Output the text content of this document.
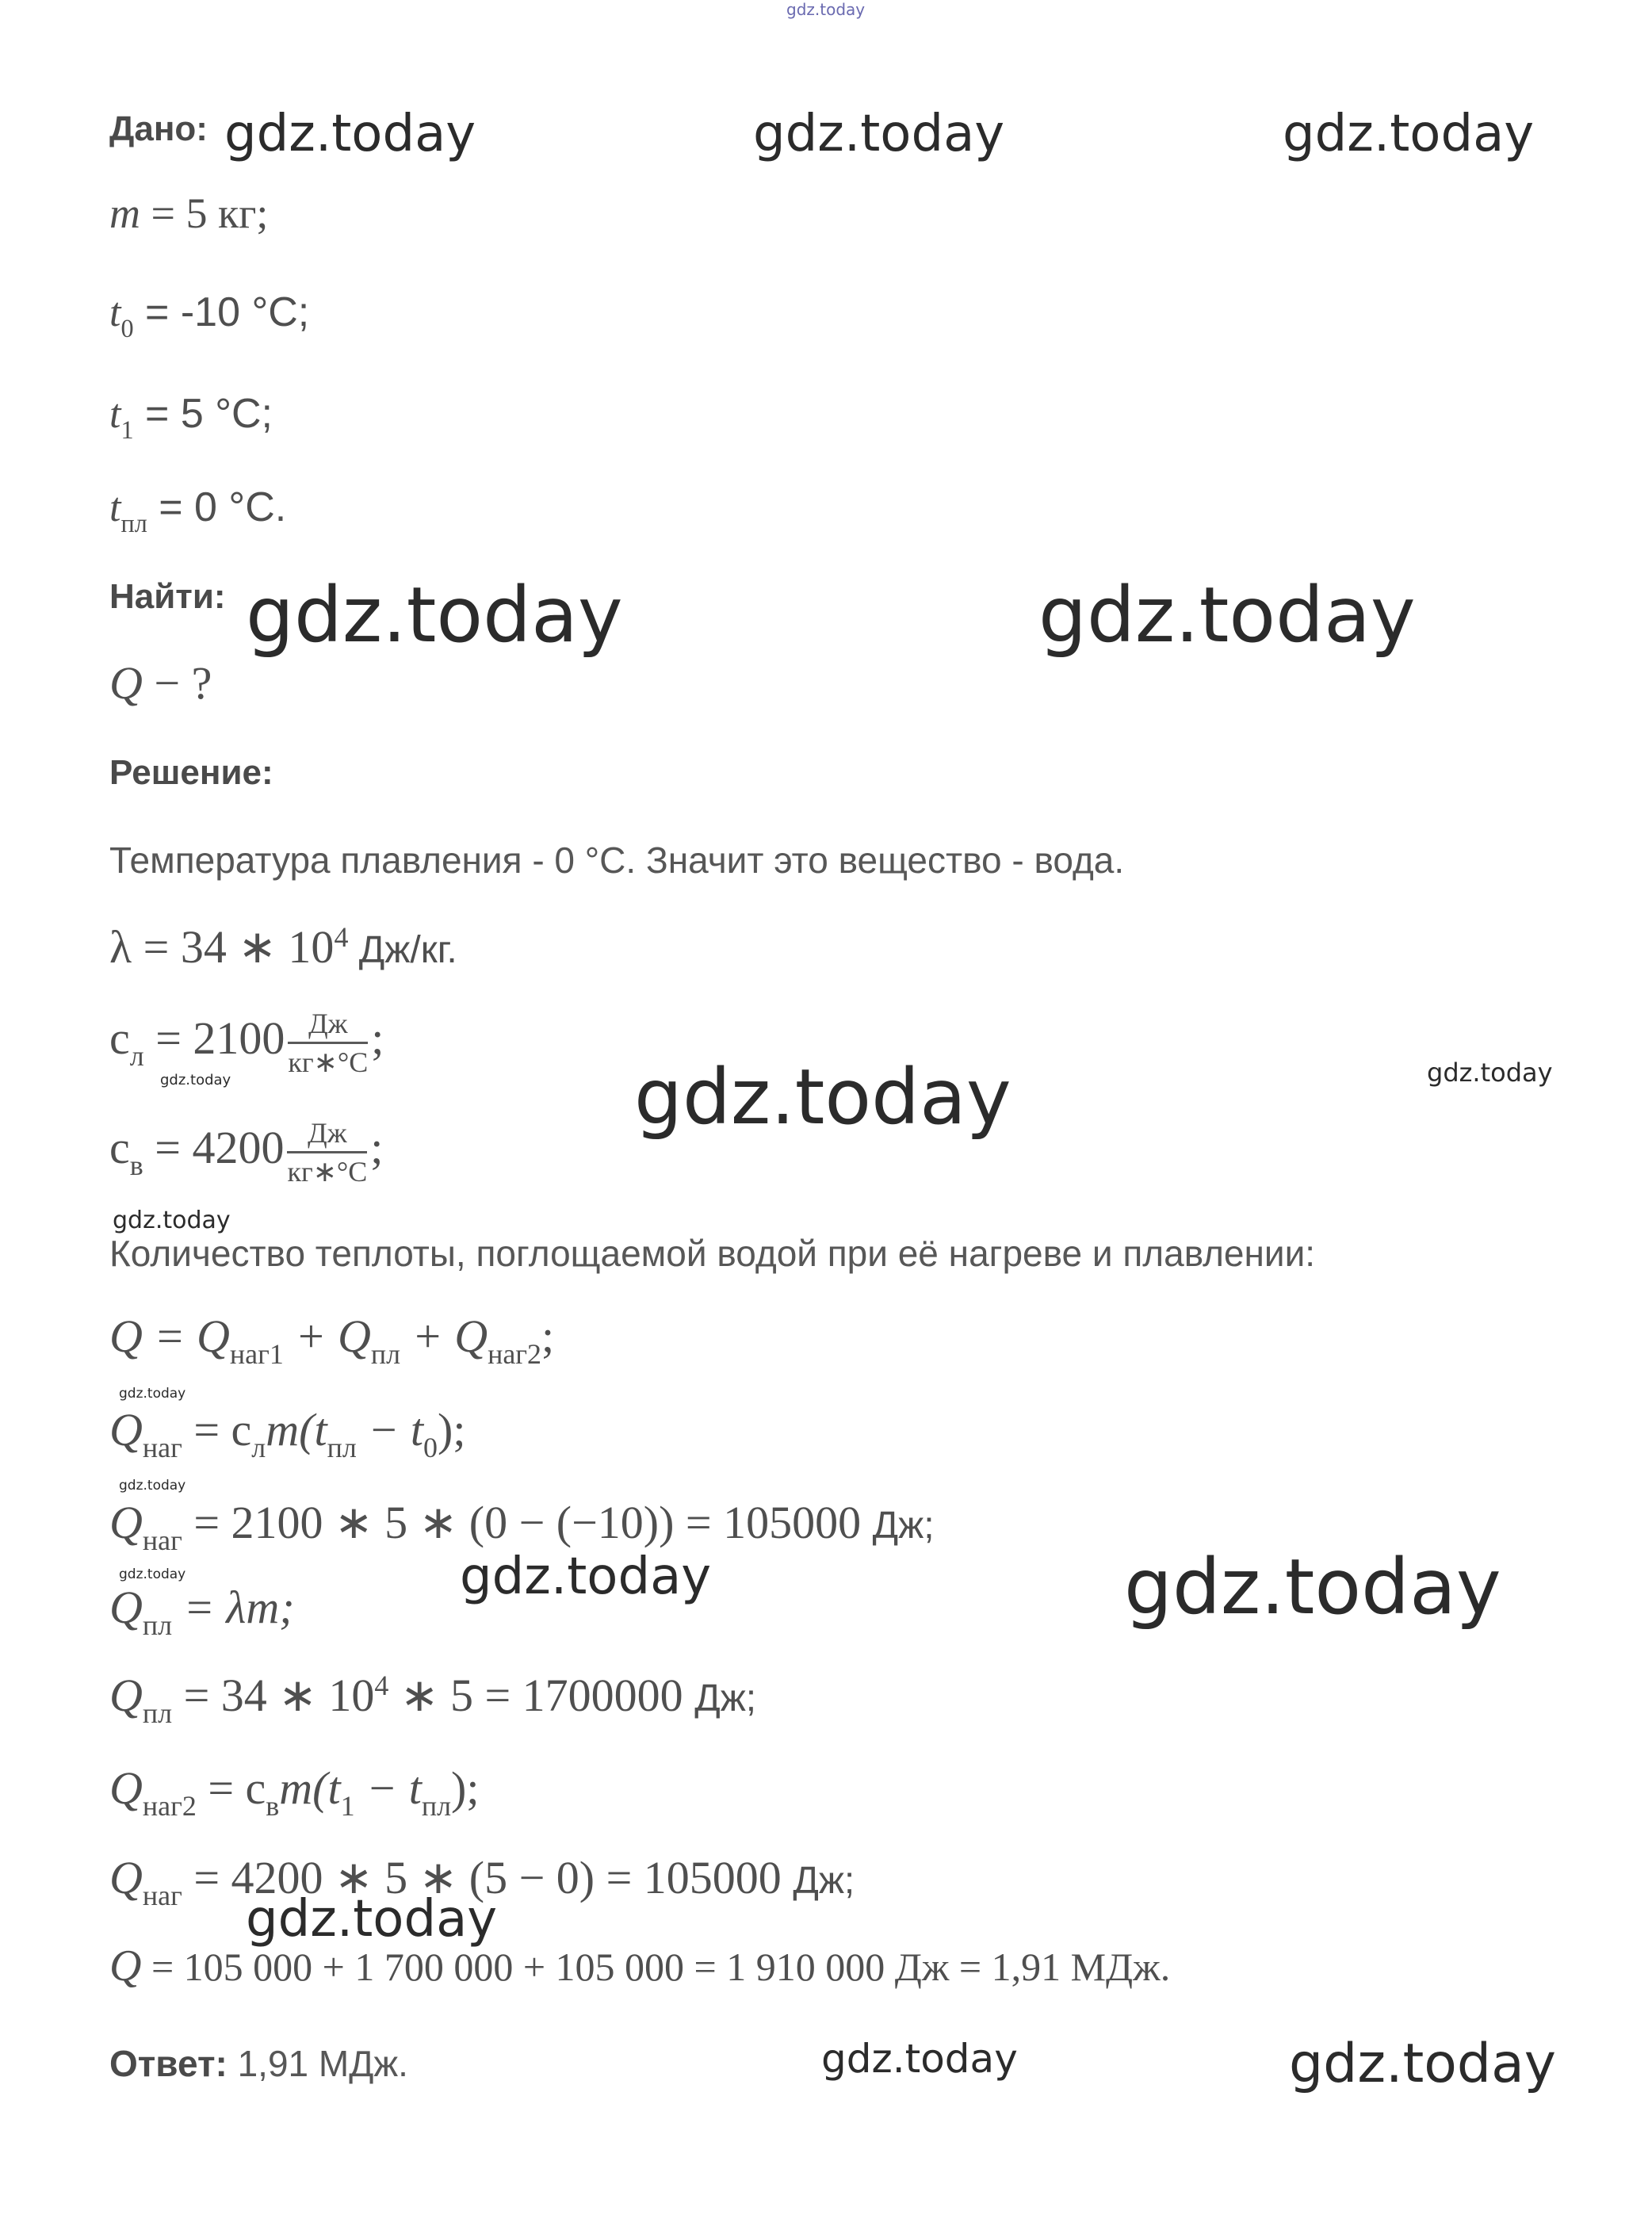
gdz.today
Дано:
m = 5 кг;
$t_0 = -10$ °C;
$t_1 = 5$ °C;
$t_{пл} = 0$ °C.
Найти:
Q − ?
Решение:
Температура плавления - 0 °C. Значит это вещество - вода.
λ = 34 ∗ $10^4$ Дж/кг.
$c_л = 2100 \frac{Дж}{кг∗^\circ C}$ ;
$c_в = 4200 \frac{Дж}{кг∗^\circ C}$ ;
Количество теплоты, поглощаемой водой при её нагреве и плавлении:
$Q = Q_{наг1} + Q_{пл} + Q_{наг2}$;
$Q_{наг} = c_лm(t_{пл} - t_0)$;
$Q_{наг} = 2100$ ∗ 5 ∗ (0 − (−10)) = 105000 Дж;
$Q_{пл} = \lambda m$;
$Q_{пл} = 34$ ∗ $10^4$ ∗ 5 = 1700000 Дж;
$Q_{наг2} = c_вm(t_1 - t_{пл})$;
$Q_{наг} = 4200$ ∗ 5 ∗ (5 − 0) = 105000 Дж;
Q = 105 000 + 1 700 000 + 105 000 = 1 910 000 Дж = 1,91 МДж.
Ответ: 1,91 МДж.
gdz.today	gdz.today	gdz.today
gdz.today	gdz.today
gdz.today	gdz.today
gdz.today
gdz.today
gdz.today
gdz.today
gdz.today	gdz.today	gdz.today
gdz.today
gdz.today	gdz.today
